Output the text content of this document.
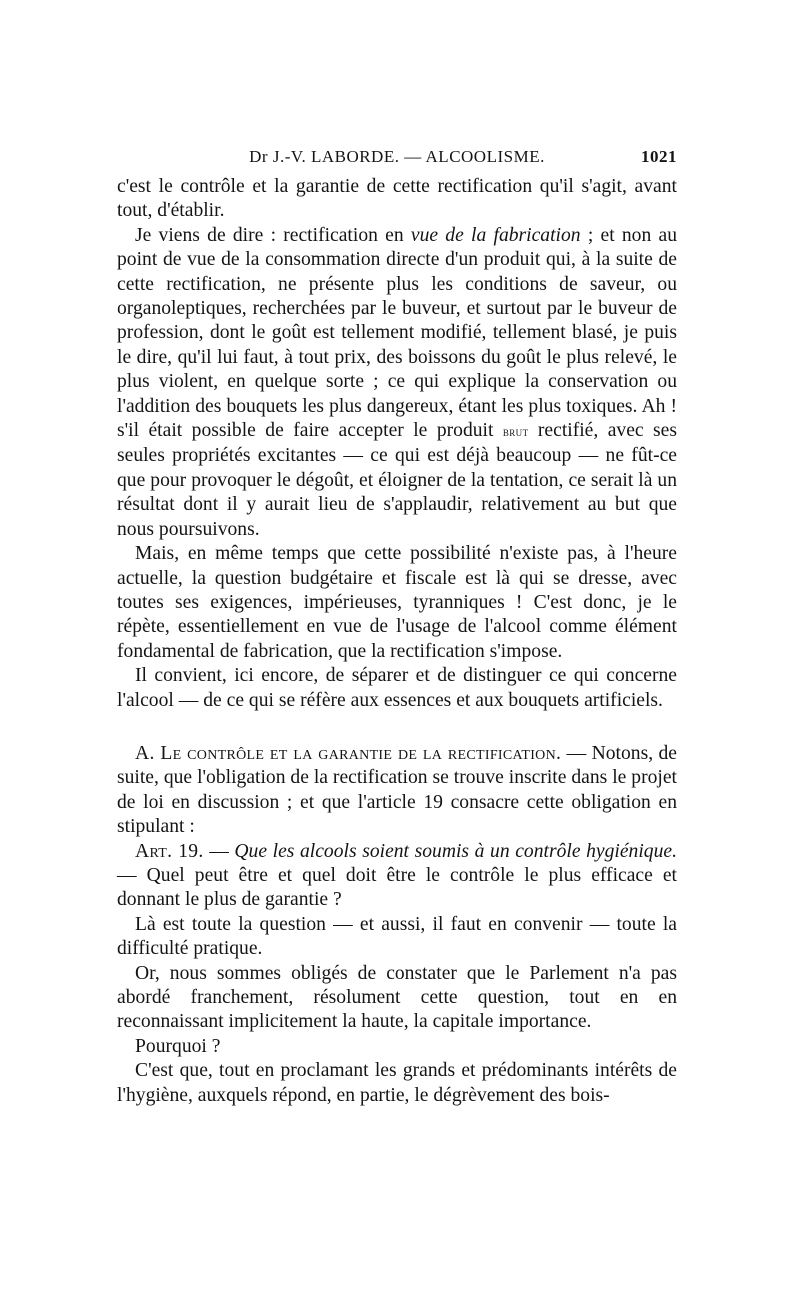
Dr J.-V. LABORDE. — ALCOOLISME.	1021

c'est le contrôle et la garantie de cette rectification qu'il s'agit, avant tout, d'établir.

Je viens de dire : rectification en vue de la fabrication ; et non au point de vue de la consommation directe d'un produit qui, à la suite de cette rectification, ne présente plus les conditions de saveur, ou organoleptiques, recherchées par le buveur, et surtout par le buveur de profession, dont le goût est tellement modifié, tellement blasé, je puis le dire, qu'il lui faut, à tout prix, des boissons du goût le plus relevé, le plus violent, en quelque sorte ; ce qui explique la conservation ou l'addition des bouquets les plus dangereux, étant les plus toxiques. Ah ! s'il était possible de faire accepter le produit brut rectifié, avec ses seules propriétés excitantes — ce qui est déjà beaucoup — ne fût-ce que pour provoquer le dégoût, et éloigner de la tentation, ce serait là un résultat dont il y aurait lieu de s'applaudir, relativement au but que nous poursuivons.

Mais, en même temps que cette possibilité n'existe pas, à l'heure actuelle, la question budgétaire et fiscale est là qui se dresse, avec toutes ses exigences, impérieuses, tyranniques ! C'est donc, je le répète, essentiellement en vue de l'usage de l'alcool comme élément fondamental de fabrication, que la rectification s'impose.

Il convient, ici encore, de séparer et de distinguer ce qui concerne l'alcool — de ce qui se réfère aux essences et aux bouquets artificiels.

A. Le contrôle et la garantie de la rectification. — Notons, de suite, que l'obligation de la rectification se trouve inscrite dans le projet de loi en discussion ; et que l'article 19 consacre cette obligation en stipulant :

Art. 19. — Que les alcools soient soumis à un contrôle hygiénique. — Quel peut être et quel doit être le contrôle le plus efficace et donnant le plus de garantie ?

Là est toute la question — et aussi, il faut en convenir — toute la difficulté pratique.

Or, nous sommes obligés de constater que le Parlement n'a pas abordé franchement, résolument cette question, tout en en reconnaissant implicitement la haute, la capitale importance.

Pourquoi ?

C'est que, tout en proclamant les grands et prédominants intérêts de l'hygiène, auxquels répond, en partie, le dégrèvement des bois-
